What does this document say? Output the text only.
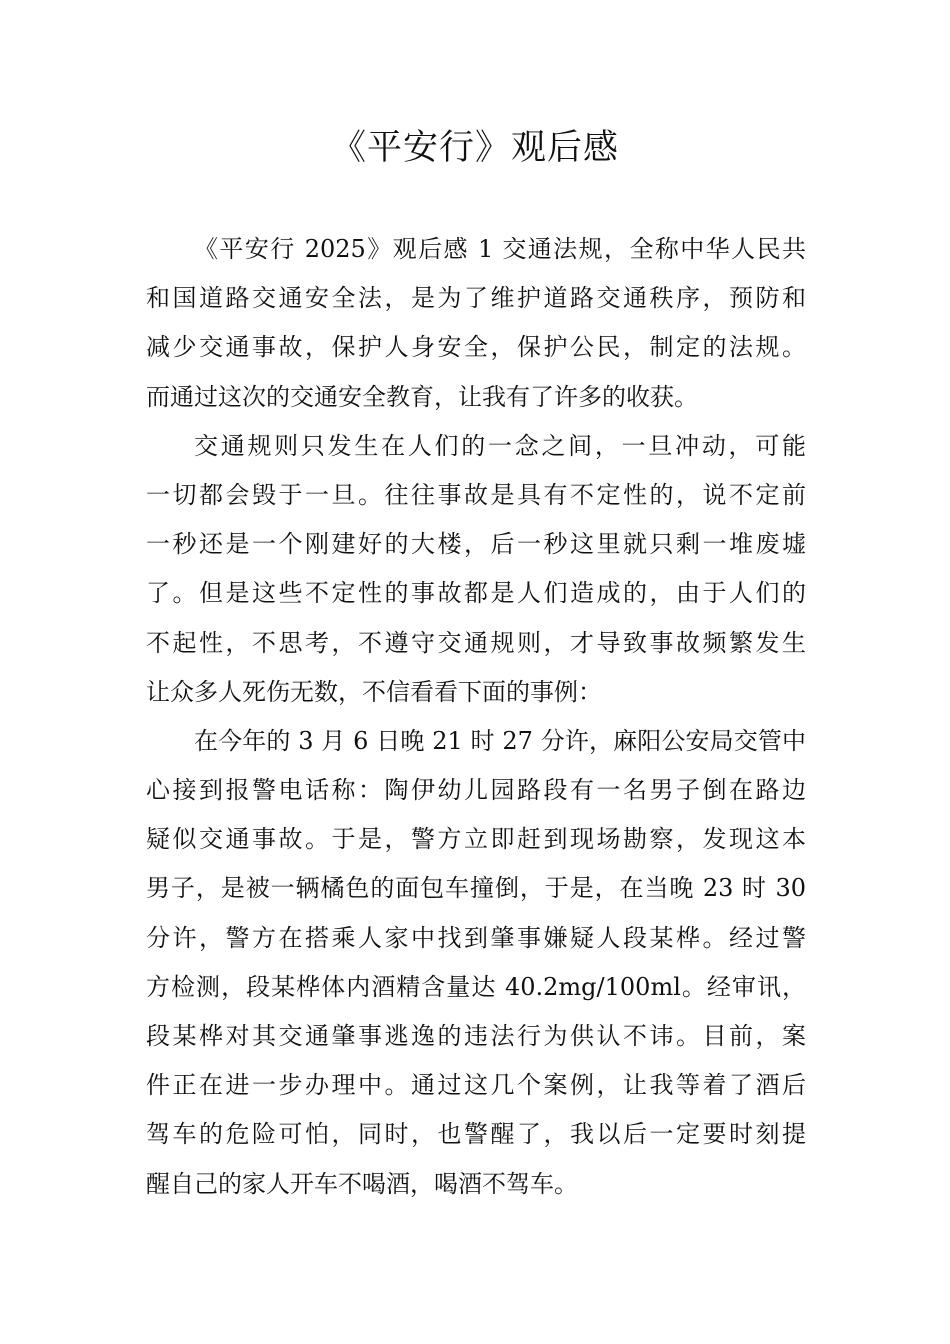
《平安行》观后感
《平安行 2025》观后感 1 交通法规，全称中华人民共
和国道路交通安全法，是为了维护道路交通秩序，预防和
减少交通事故，保护人身安全，保护公民，制定的法规。
而通过这次的交通安全教育，让我有了许多的收获。
交通规则只发生在人们的一念之间，一旦冲动，可能
一切都会毁于一旦。往往事故是具有不定性的，说不定前
一秒还是一个刚建好的大楼，后一秒这里就只剩一堆废墟
了。但是这些不定性的事故都是人们造成的，由于人们的
不起性，不思考，不遵守交通规则，才导致事故频繁发生
让众多人死伤无数，不信看看下面的事例：
在今年的 3 月 6 日晚 21 时 27 分许，麻阳公安局交管中
心接到报警电话称：陶伊幼儿园路段有一名男子倒在路边
疑似交通事故。于是，警方立即赶到现场勘察，发现这本
男子，是被一辆橘色的面包车撞倒，于是，在当晚 23 时 30
分许，警方在搭乘人家中找到肇事嫌疑人段某桦。经过警
方检测，段某桦体内酒精含量达 40.2mg/100ml。经审讯，
段某桦对其交通肇事逃逸的违法行为供认不讳。目前，案
件正在进一步办理中。通过这几个案例，让我等着了酒后
驾车的危险可怕，同时，也警醒了，我以后一定要时刻提
醒自己的家人开车不喝酒，喝酒不驾车。
